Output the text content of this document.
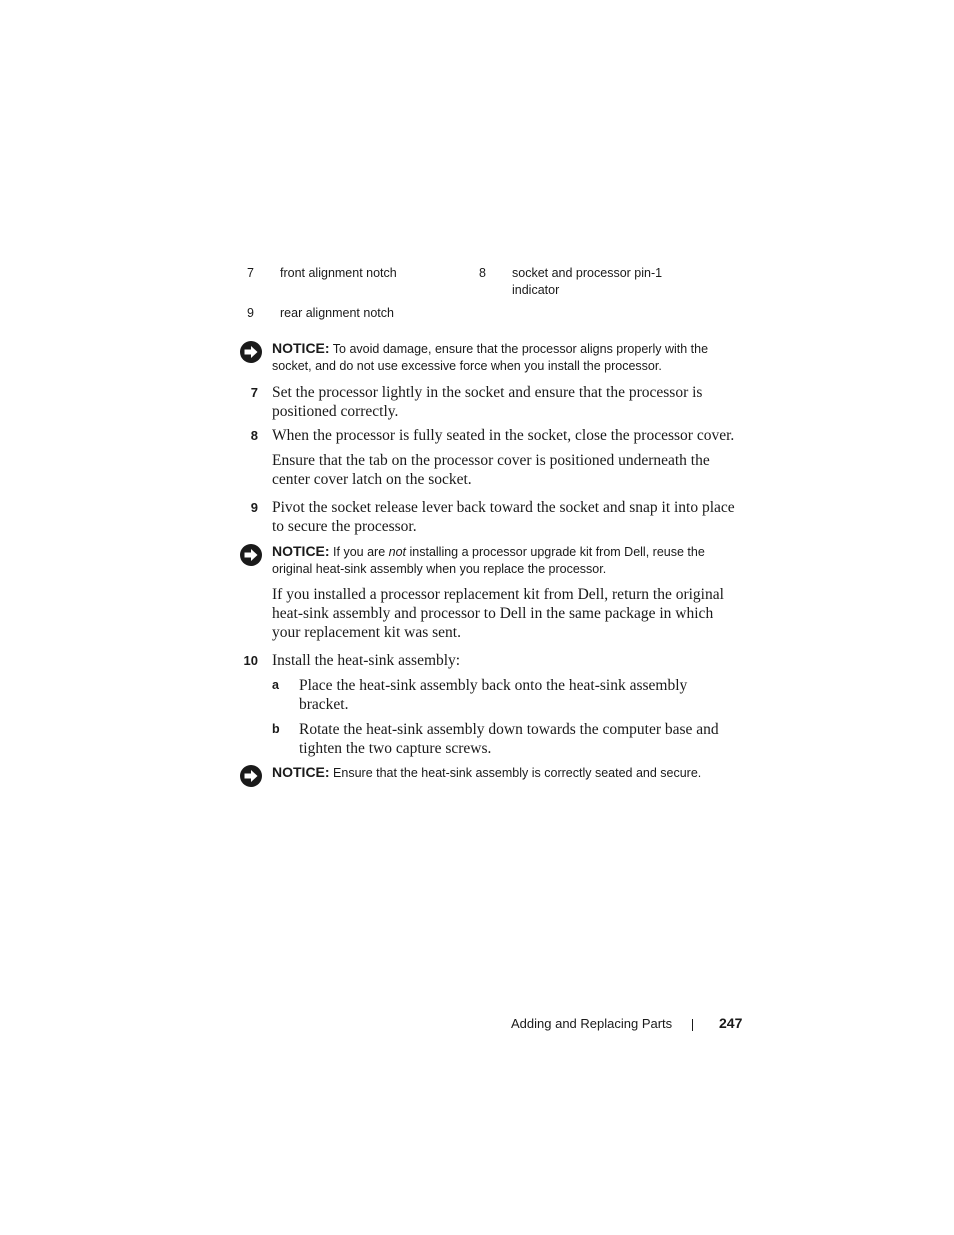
7 front alignment notch	8 socket and processor pin-1 indicator
9 rear alignment notch
NOTICE: To avoid damage, ensure that the processor aligns properly with the socket, and do not use excessive force when you install the processor.
7 Set the processor lightly in the socket and ensure that the processor is positioned correctly.
8 When the processor is fully seated in the socket, close the processor cover.
Ensure that the tab on the processor cover is positioned underneath the center cover latch on the socket.
9 Pivot the socket release lever back toward the socket and snap it into place to secure the processor.
NOTICE: If you are not installing a processor upgrade kit from Dell, reuse the original heat-sink assembly when you replace the processor.
If you installed a processor replacement kit from Dell, return the original heat-sink assembly and processor to Dell in the same package in which your replacement kit was sent.
10 Install the heat-sink assembly:
a Place the heat-sink assembly back onto the heat-sink assembly bracket.
b Rotate the heat-sink assembly down towards the computer base and tighten the two capture screws.
NOTICE: Ensure that the heat-sink assembly is correctly seated and secure.
Adding and Replacing Parts	247
